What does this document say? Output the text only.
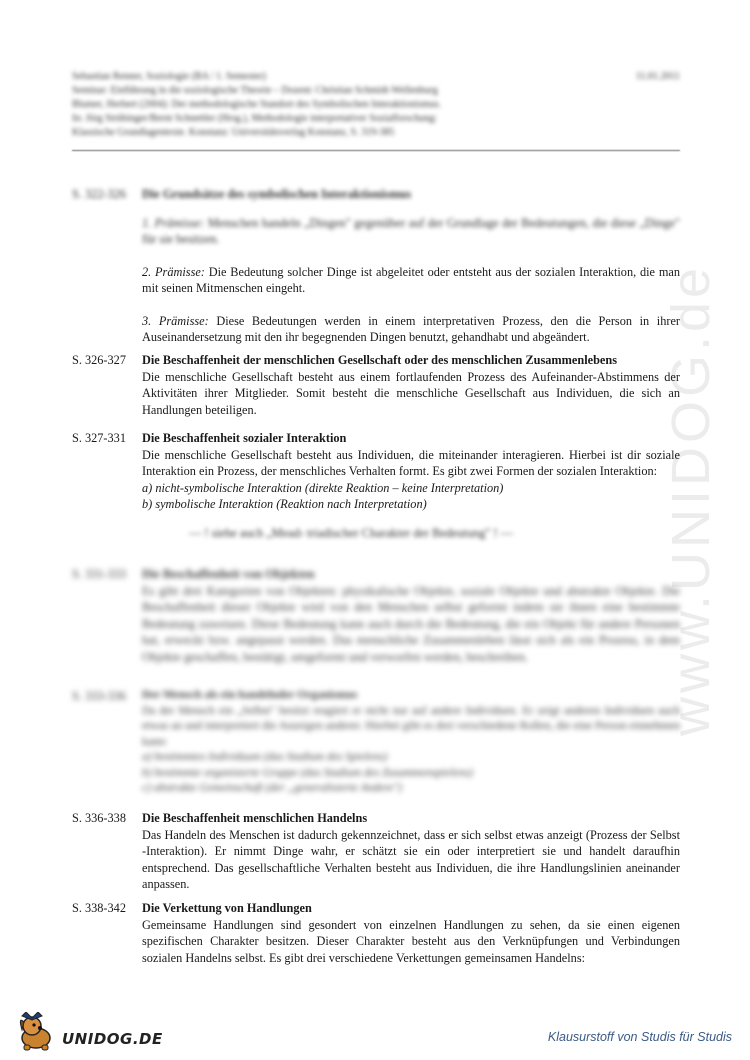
www.UNIDOG.de
Sebastian Renner, Soziologie (BA / 1. Semester)
Seminar: Einführung in die soziologische Theorie – Dozent: Christian Schmidt-Wellenburg
Blumer, Herbert (2004): Der methodologische Standort des Symbolischen Interaktionismus.
In: Jörg Strübinger/Bernt Schnettler (Hrsg.), Methodologie interpretativer Sozialforschung:
Klassische Grundlagentexte. Konstanz: Universitätsverlag Konstanz, S. 319-385
11.01.2011
S. 322-326	Die Grundsätze des symbolischen Interaktionismus
1. Prämisse: Menschen handeln „Dingen" gegenüber auf der Grundlage der Bedeutungen, die diese „Dinge" für sie besitzen.
2. Prämisse: Die Bedeutung solcher Dinge ist abgeleitet oder entsteht aus der sozialen Interaktion, die man mit seinen Mitmenschen eingeht.
3. Prämisse: Diese Bedeutungen werden in einem interpretativen Prozess, den die Person in ihrer Auseinandersetzung mit den ihr begegnenden Dingen benutzt, gehandhabt und abgeändert.
S. 326-327	Die Beschaffenheit der menschlichen Gesellschaft oder des menschlichen Zusammenlebens
Die menschliche Gesellschaft besteht aus einem fortlaufenden Prozess des Aufeinander-Abstimmens der Aktivitäten ihrer Mitglieder. Somit besteht die menschliche Gesellschaft aus Individuen, die sich an Handlungen beteiligen.
S. 327-331	Die Beschaffenheit sozialer Interaktion
Die menschliche Gesellschaft besteht aus Individuen, die miteinander interagieren. Hierbei ist dir soziale Interaktion ein Prozess, der menschliches Verhalten formt. Es gibt zwei Formen der sozialen Interaktion:
a) nicht-symbolische Interaktion (direkte Reaktion – keine Interpretation)
b) symbolische Interaktion (Reaktion nach Interpretation)
— ! siehe auch „Mead› triadischer Charakter der Bedeutung" ! —
S. 331-333	Die Beschaffenheit von Objekten
Es gibt drei Kategorien von Objekten: physikalische Objekte, soziale Objekte und abstrakte Objekte. Die Beschaffenheit dieser Objekte wird von den Menschen selbst geformt indem sie ihnen eine bestimmte Bedeutung zuweisen. Diese Bedeutung kann auch durch die Bedeutung, die ein Objekt für andere Personen hat, erweckt bzw. angepasst werden. Das menschliche Zusammenleben lässt sich als ein Prozess, in dem Objekte geschaffen, bestätigt, umgeformt und verworfen werden, beschreiben.
S. 333-336	Der Mensch als ein handelnder Organismus
Da der Mensch ein „Selbst" besitzt reagiert er nicht nur auf andere Individuen. Er zeigt anderen Individuen auch etwas an und interpretiert die Anzeigen anderer. Hierbei gibt es drei verschiedene Rollen, die eine Person einnehmen kann:
a) bestimmtes Individuum (das Stadium des Spielens)
b) bestimmte organisierte Gruppe (das Stadium des Zusammenspielens)
c) abstrakte Gemeinschaft (der „generalisierte Andere")
S. 336-338	Die Beschaffenheit menschlichen Handelns
Das Handeln des Menschen ist dadurch gekennzeichnet, dass er sich selbst etwas anzeigt (Prozess der Selbst -Interaktion). Er nimmt Dinge wahr, er schätzt sie ein oder interpretiert sie und handelt daraufhin entsprechend. Das gesellschaftliche Verhalten besteht aus Individuen, die ihre Handlungslinien aneinander anpassen.
S. 338-342	Die Verkettung von Handlungen
Gemeinsame Handlungen sind gesondert von einzelnen Handlungen zu sehen, da sie einen eigenen spezifischen Charakter besitzen. Dieser Charakter besteht aus den Verknüpfungen und Verbindungen sozialen Handelns selbst. Es gibt drei verschiedene Verkettungen gemeinsamen Handelns:
UNIDOG.DE	Klausurstoff von Studis für Studis
